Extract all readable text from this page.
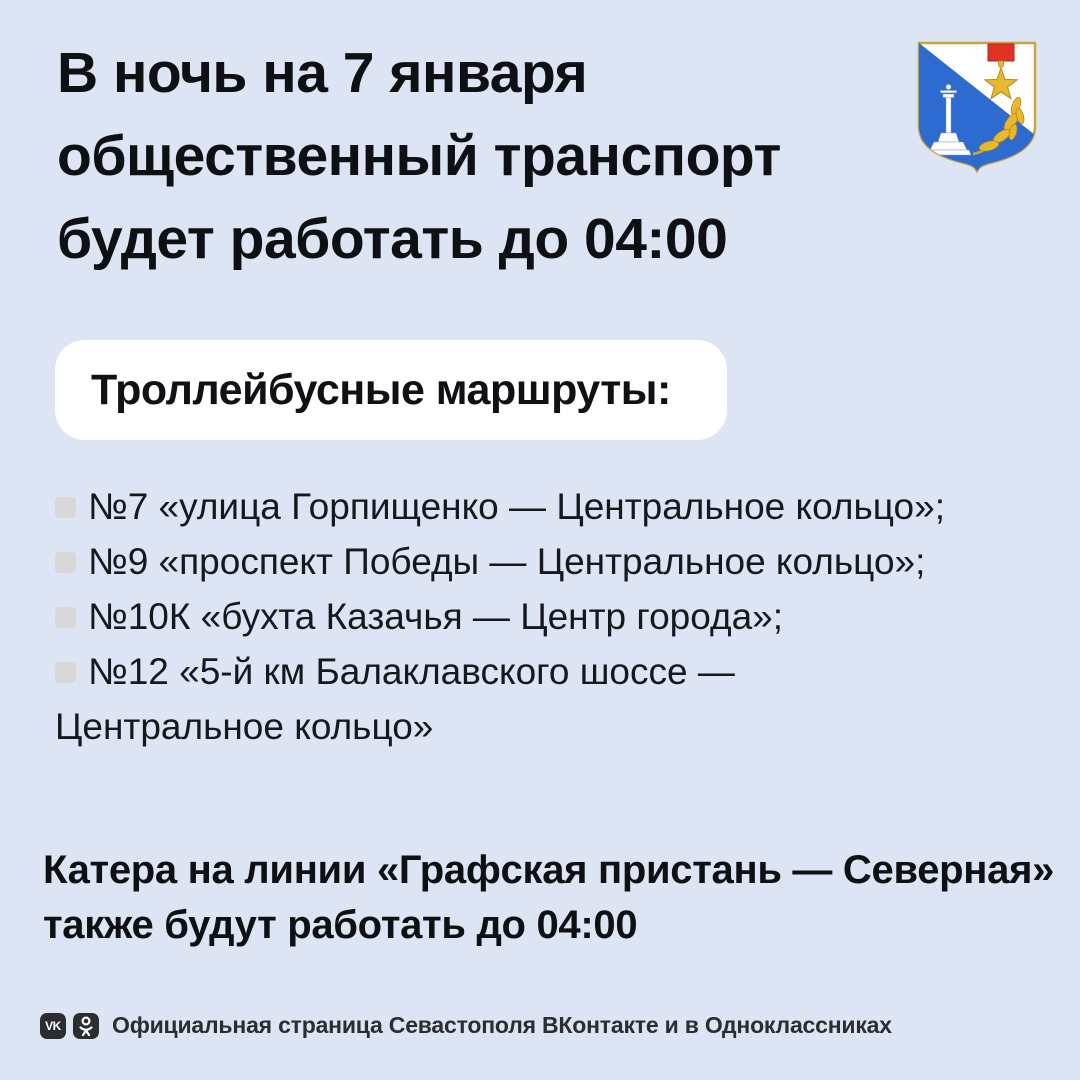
В ночь на 7 января
общественный транспорт
будет работать до 04:00
Троллейбусные маршруты:
№7 «улица Горпищенко — Центральное кольцо»;
№9 «проспект Победы — Центральное кольцо»;
№10К «бухта Казачья — Центр города»;
№12 «5-й км Балаклавского шоссе —
Центральное кольцо»
Катера на линии «Графская пристань — Северная»
также будут работать до 04:00
VK Официальная страница Севастополя ВКонтакте и в Одноклассниках
